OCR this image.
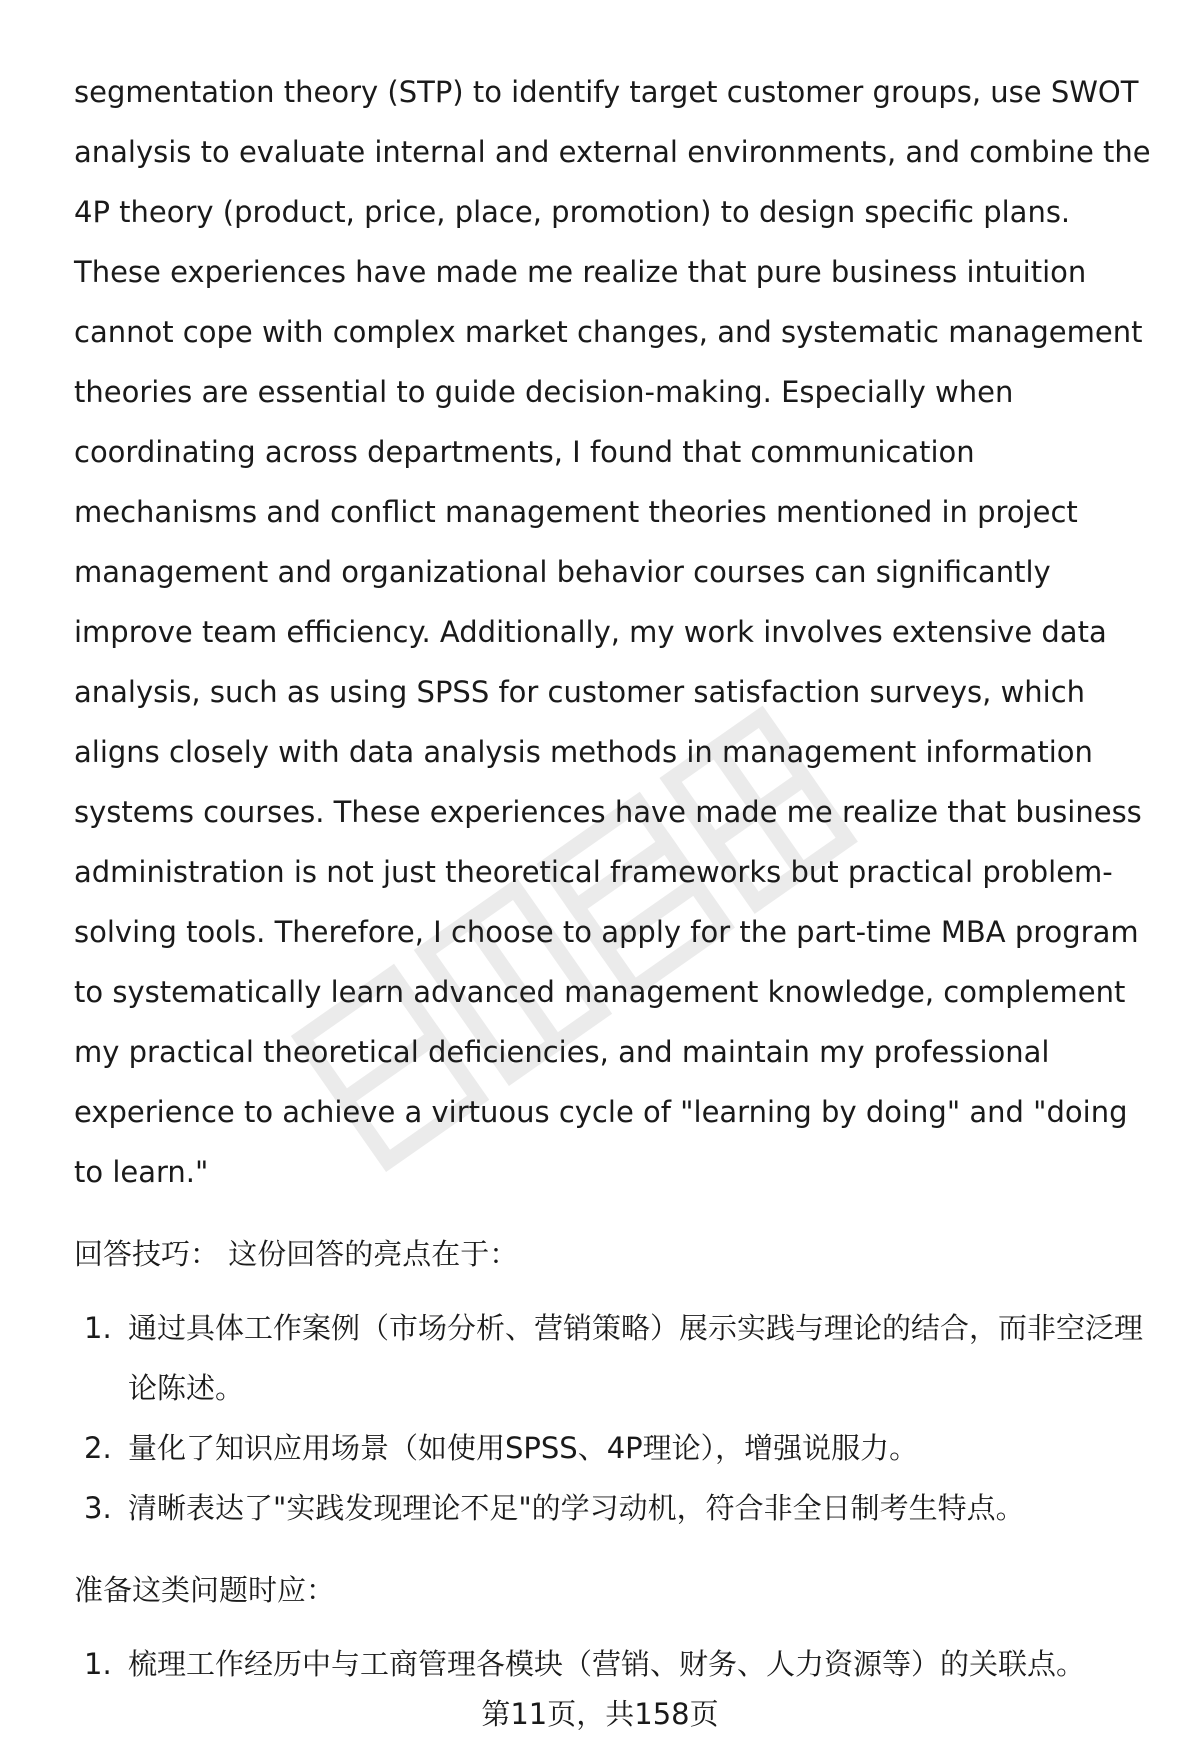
segmentation theory (STP) to identify target customer groups, use SWOT analysis to evaluate internal and external environments, and combine the 4P theory (product, price, place, promotion) to design specific plans. These experiences have made me realize that pure business intuition cannot cope with complex market changes, and systematic management theories are essential to guide decision-making. Especially when coordinating across departments, I found that communication mechanisms and conflict management theories mentioned in project management and organizational behavior courses can significantly improve team efficiency. Additionally, my work involves extensive data analysis, such as using SPSS for customer satisfaction surveys, which aligns closely with data analysis methods in management information systems courses. These experiences have made me realize that business administration is not just theoretical frameworks but practical problem-solving tools. Therefore, I choose to apply for the part-time MBA program to systematically learn advanced management knowledge, complement my practical theoretical deficiencies, and maintain my professional experience to achieve a virtuous cycle of "learning by doing" and "doing to learn."

回答技巧： 这份回答的亮点在于：

1. 通过具体工作案例（市场分析、营销策略）展示实践与理论的结合，而非空泛理论陈述。
2. 量化了知识应用场景（如使用SPSS、4P理论），增强说服力。
3. 清晰表达了"实践发现理论不足"的学习动机，符合非全日制考生特点。

准备这类问题时应：

1. 梳理工作经历中与工商管理各模块（营销、财务、人力资源等）的关联点。
第11页，共158页
